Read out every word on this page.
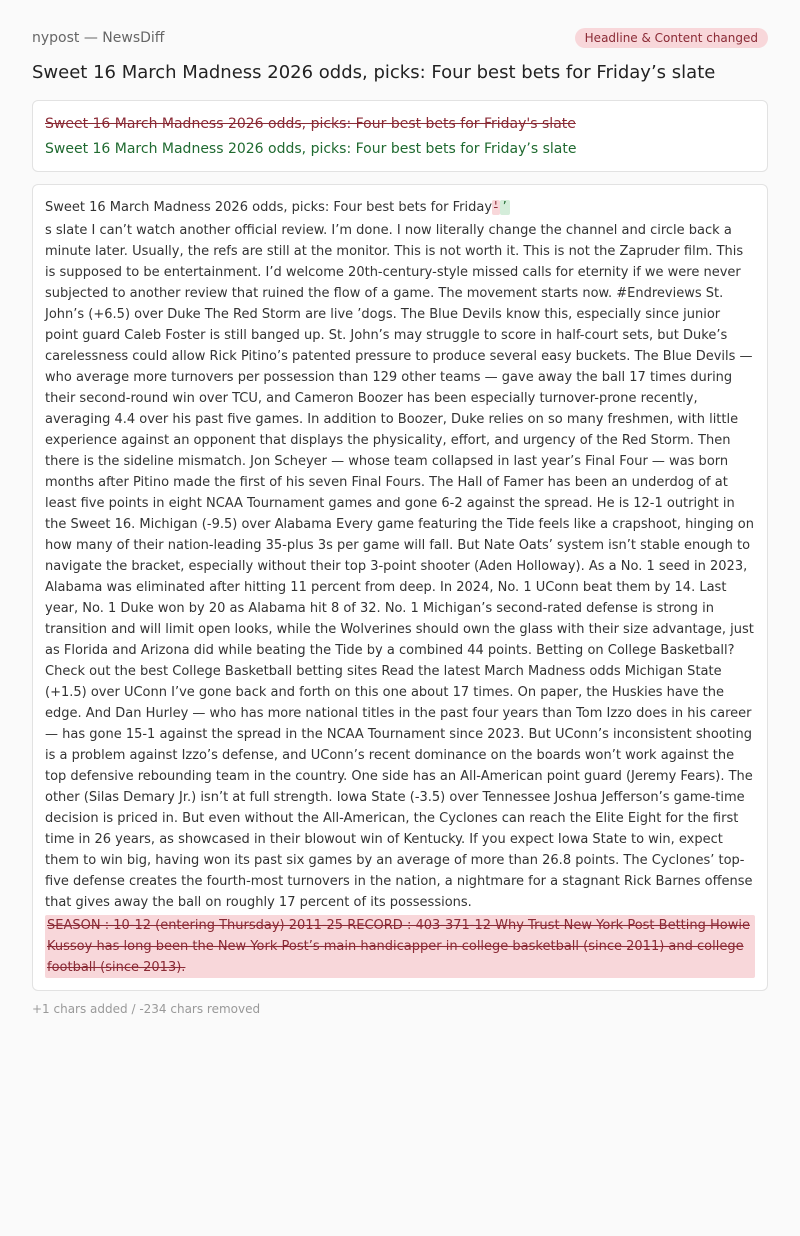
nypost — NewsDiff	Headline & Content changed
Sweet 16 March Madness 2026 odds, picks: Four best bets for Friday’s slate
Sweet 16 March Madness 2026 odds, picks: Four best bets for Friday's slate
Sweet 16 March Madness 2026 odds, picks: Four best bets for Friday’s slate
Sweet 16 March Madness 2026 odds, picks: Four best bets for Friday ' ’
s slate I can’t watch another official review. I’m done. I now literally change the channel and circle back a minute later. Usually, the refs are still at the monitor. This is not worth it. This is not the Zapruder film. This is supposed to be entertainment. I’d welcome 20th-century-style missed calls for eternity if we were never subjected to another review that ruined the flow of a game. The movement starts now. #Endreviews St. John’s (+6.5) over Duke The Red Storm are live ’dogs. The Blue Devils know this, especially since junior point guard Caleb Foster is still banged up. St. John’s may struggle to score in half-court sets, but Duke’s carelessness could allow Rick Pitino’s patented pressure to produce several easy buckets. The Blue Devils — who average more turnovers per possession than 129 other teams — gave away the ball 17 times during their second-round win over TCU, and Cameron Boozer has been especially turnover-prone recently, averaging 4.4 over his past five games. In addition to Boozer, Duke relies on so many freshmen, with little experience against an opponent that displays the physicality, effort, and urgency of the Red Storm. Then there is the sideline mismatch. Jon Scheyer — whose team collapsed in last year’s Final Four — was born months after Pitino made the first of his seven Final Fours. The Hall of Famer has been an underdog of at least five points in eight NCAA Tournament games and gone 6-2 against the spread. He is 12-1 outright in the Sweet 16. Michigan (-9.5) over Alabama Every game featuring the Tide feels like a crapshoot, hinging on how many of their nation-leading 35-plus 3s per game will fall. But Nate Oats’ system isn’t stable enough to navigate the bracket, especially without their top 3-point shooter (Aden Holloway). As a No. 1 seed in 2023, Alabama was eliminated after hitting 11 percent from deep. In 2024, No. 1 UConn beat them by 14. Last year, No. 1 Duke won by 20 as Alabama hit 8 of 32. No. 1 Michigan’s second-rated defense is strong in transition and will limit open looks, while the Wolverines should own the glass with their size advantage, just as Florida and Arizona did while beating the Tide by a combined 44 points. Betting on College Basketball? Check out the best College Basketball betting sites Read the latest March Madness odds Michigan State (+1.5) over UConn I’ve gone back and forth on this one about 17 times. On paper, the Huskies have the edge. And Dan Hurley — who has more national titles in the past four years than Tom Izzo does in his career — has gone 15-1 against the spread in the NCAA Tournament since 2023. But UConn’s inconsistent shooting is a problem against Izzo’s defense, and UConn’s recent dominance on the boards won’t work against the top defensive rebounding team in the country. One side has an All-American point guard (Jeremy Fears). The other (Silas Demary Jr.) isn’t at full strength. Iowa State (-3.5) over Tennessee Joshua Jefferson’s game-time decision is priced in. But even without the All-American, the Cyclones can reach the Elite Eight for the first time in 26 years, as showcased in their blowout win of Kentucky. If you expect Iowa State to win, expect them to win big, having won its past six games by an average of more than 26.8 points. The Cyclones’ top-five defense creates the fourth-most turnovers in the nation, a nightmare for a stagnant Rick Barnes offense that gives away the ball on roughly 17 percent of its possessions.
SEASON : 10-12 (entering Thursday) 2011-25 RECORD : 403-371-12 Why Trust New York Post Betting Howie Kussoy has long been the New York Post’s main handicapper in college basketball (since 2011) and college football (since 2013).
+1 chars added / -234 chars removed
